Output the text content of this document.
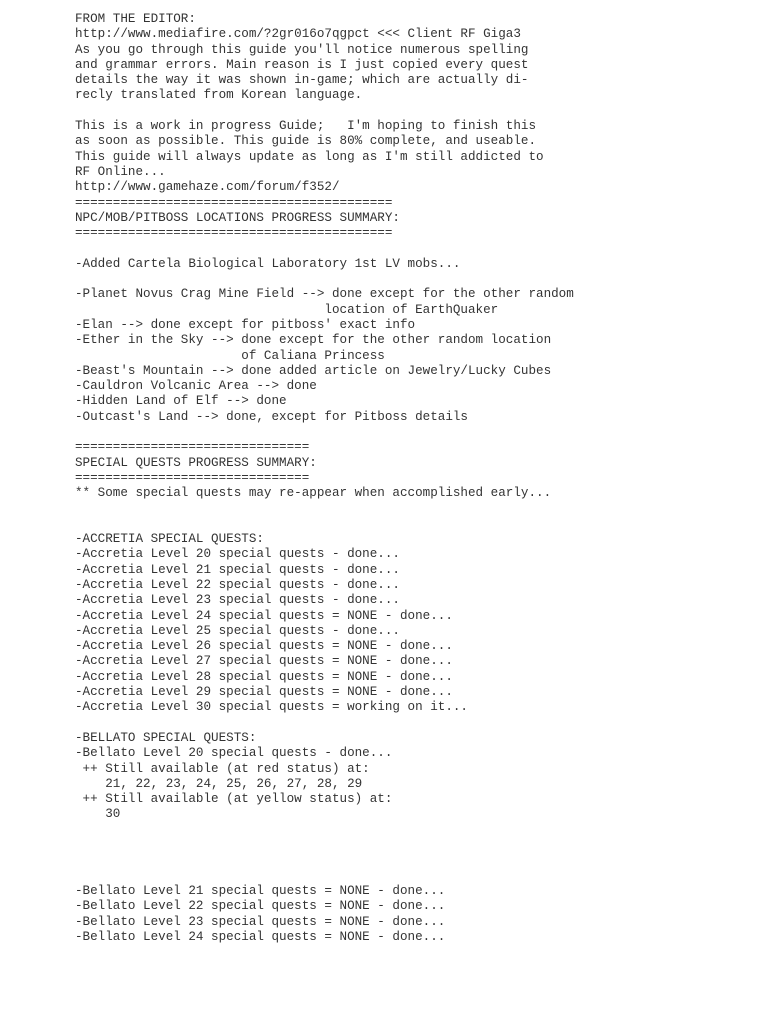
FROM THE EDITOR:

http://www.mediafire.com/?2gr016o7qgpct <<< Client RF Giga3

As you go through this guide you'll notice numerous spelling

and grammar errors. Main reason is I just copied every quest

details the way it was shown in-game; which are actually di-

recly translated from Korean language.

This is a work in progress Guide;   I'm hoping to finish this

as soon as possible. This guide is 80% complete, and useable.

This guide will always update as long as I'm still addicted to

RF Online...

http://www.gamehaze.com/forum/f352/

==========================================

NPC/MOB/PITBOSS LOCATIONS PROGRESS SUMMARY:

==========================================

-Added Cartela Biological Laboratory 1st LV mobs...

-Planet Novus Crag Mine Field --> done except for the other random

location of EarthQuaker

-Elan --> done except for pitboss' exact info

-Ether in the Sky --> done except for the other random location

of Caliana Princess

-Beast's Mountain --> done added article on Jewelry/Lucky Cubes

-Cauldron Volcanic Area --> done

-Hidden Land of Elf --> done

-Outcast's Land --> done, except for Pitboss details

===============================

SPECIAL QUESTS PROGRESS SUMMARY:

===============================

** Some special quests may re-appear when accomplished early...

-ACCRETIA SPECIAL QUESTS:

-Accretia Level 20 special quests - done...

-Accretia Level 21 special quests - done...

-Accretia Level 22 special quests - done...

-Accretia Level 23 special quests - done...

-Accretia Level 24 special quests = NONE - done...

-Accretia Level 25 special quests - done...

-Accretia Level 26 special quests = NONE - done...

-Accretia Level 27 special quests = NONE - done...

-Accretia Level 28 special quests = NONE - done...

-Accretia Level 29 special quests = NONE - done...

-Accretia Level 30 special quests = working on it...

-BELLATO SPECIAL QUESTS:

-Bellato Level 20 special quests - done...

++ Still available (at red status) at:

21, 22, 23, 24, 25, 26, 27, 28, 29

++ Still available (at yellow status) at:

30

-Bellato Level 21 special quests = NONE - done...

-Bellato Level 22 special quests = NONE - done...

-Bellato Level 23 special quests = NONE - done...

-Bellato Level 24 special quests = NONE - done...
